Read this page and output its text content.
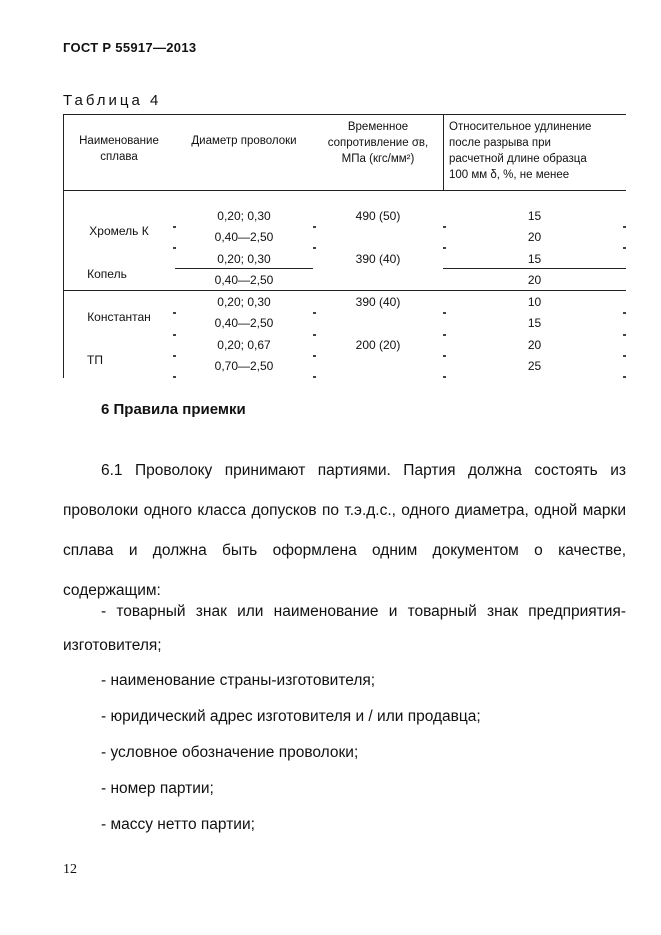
ГОСТ Р 55917—2013
Таблица 4
Наименование
сплава
Диаметр проволоки
Временное
сопротивление σв,
МПа (кгс/мм²)
Относительное удлинение
после разрыва при
расчетной длине образца
100 мм δ, %, не менее
Хромель К
Копель
Константан
ТП
0,20; 0,30
0,40—2,50
0,20; 0,30
0,40—2,50
0,20; 0,30
0,40—2,50
0,20; 0,67
0,70—2,50
490 (50)
390 (40)
390 (40)
200 (20)
15
20
15
20
10
15
20
25
6 Правила приемки
6.1 Проволоку принимают партиями. Партия должна состоять из проволоки одного класса допусков по т.э.д.с., одного диаметра, одной марки сплава и должна быть оформлена одним документом о качестве, содержащим:
- товарный знак или наименование и товарный знак предприятия-изготовителя;
- наименование страны-изготовителя;
- юридический адрес изготовителя и / или продавца;
- условное обозначение проволоки;
- номер партии;
- массу нетто партии;
12
